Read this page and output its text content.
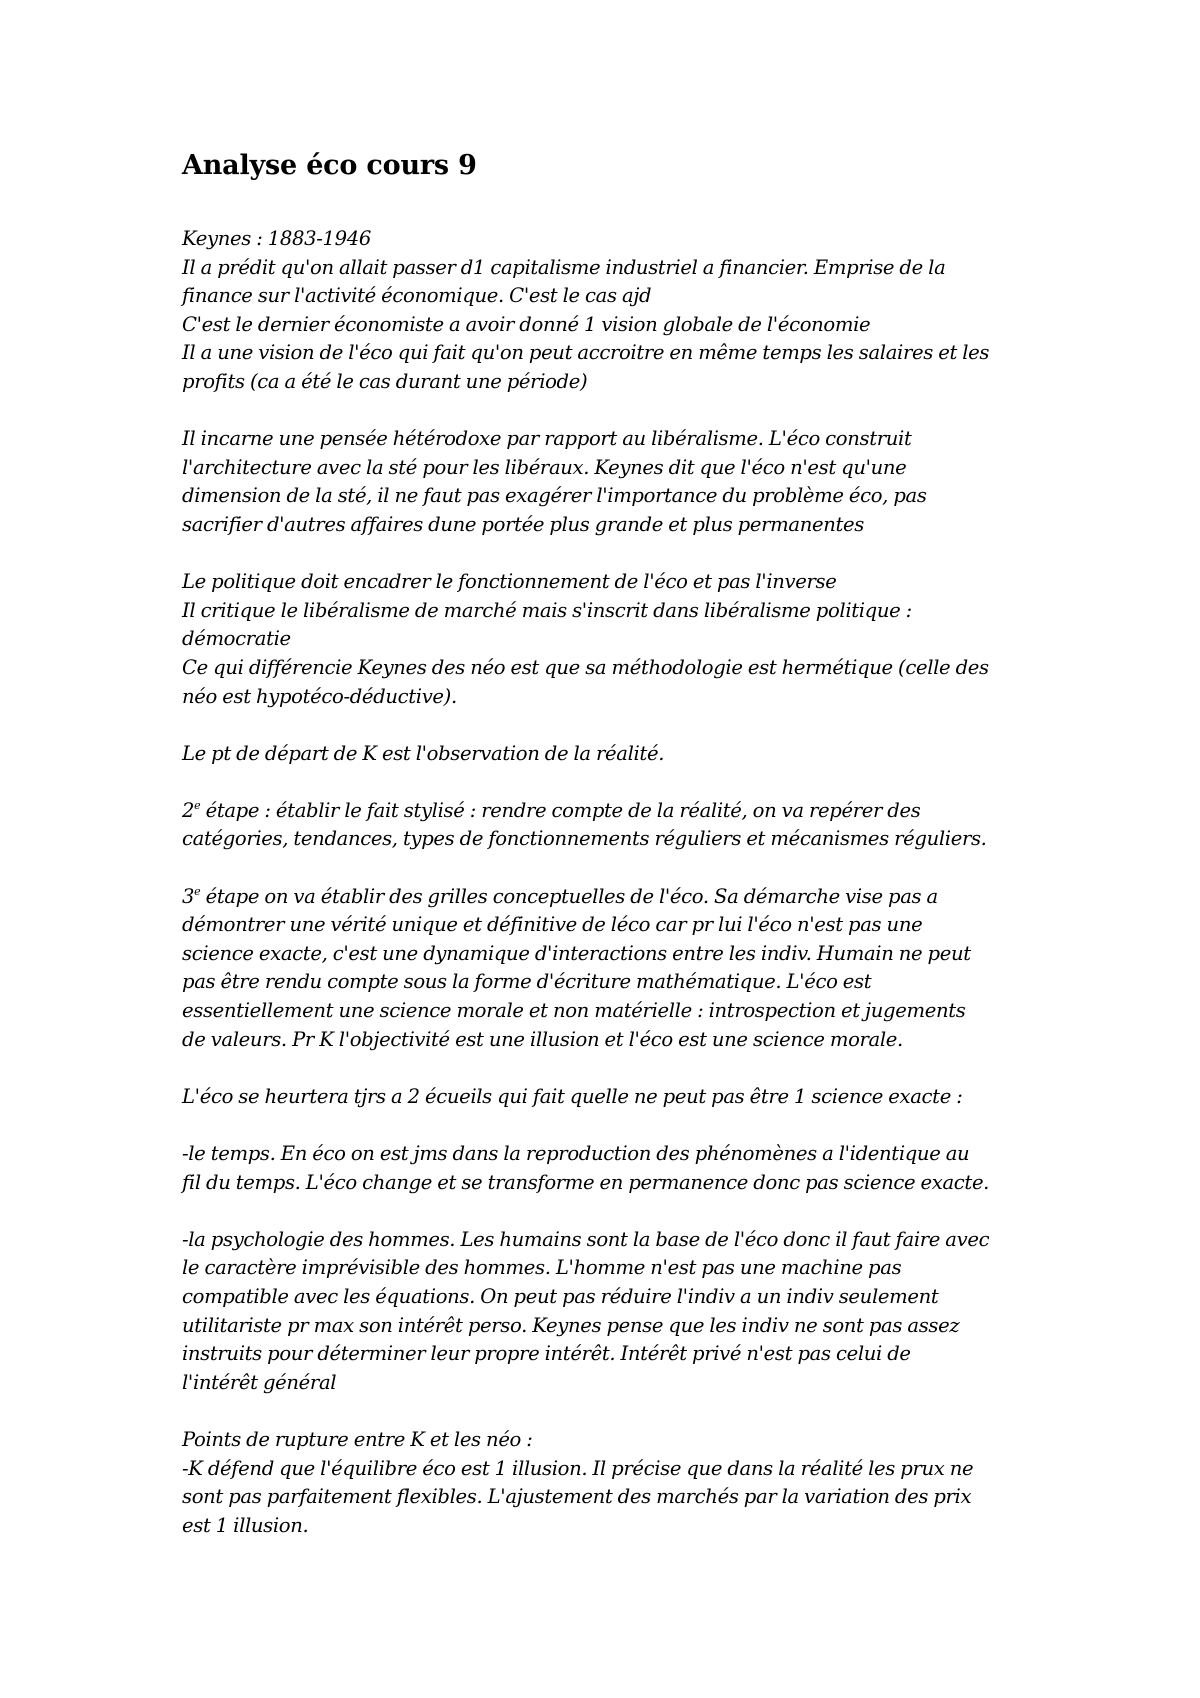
Analyse éco cours 9
Keynes : 1883-1946
Il a prédit qu'on allait passer d1 capitalisme industriel a financier. Emprise de la
finance sur l'activité économique. C'est le cas ajd
C'est le dernier économiste a avoir donné 1 vision globale de l'économie
Il a une vision de l'éco qui fait qu'on peut accroitre en même temps les salaires et les
profits (ca a été le cas durant une période)
Il incarne une pensée hétérodoxe par rapport au libéralisme. L'éco construit
l'architecture avec la sté pour les libéraux. Keynes dit que l'éco n'est qu'une
dimension de la sté, il ne faut pas exagérer l'importance du problème éco, pas
sacrifier d'autres affaires dune portée plus grande et plus permanentes
Le politique doit encadrer le fonctionnement de l'éco et pas l'inverse
Il critique le libéralisme de marché mais s'inscrit dans libéralisme politique :
démocratie
Ce qui différencie Keynes des néo est que sa méthodologie est hermétique (celle des
néo est hypotéco-déductive).
Le pt de départ de K est l'observation de la réalité.
2e étape : établir le fait stylisé : rendre compte de la réalité, on va repérer des
catégories, tendances, types de fonctionnements réguliers et mécanismes réguliers.
3e étape on va établir des grilles conceptuelles de l'éco. Sa démarche vise pas a
démontrer une vérité unique et définitive de léco car pr lui l'éco n'est pas une
science exacte, c'est une dynamique d'interactions entre les indiv. Humain ne peut
pas être rendu compte sous la forme d'écriture mathématique. L'éco est
essentiellement une science morale et non matérielle : introspection et jugements
de valeurs. Pr K l'objectivité est une illusion et l'éco est une science morale.
L'éco se heurtera tjrs a 2 écueils qui fait quelle ne peut pas être 1 science exacte :
-le temps. En éco on est jms dans la reproduction des phénomènes a l'identique au
fil du temps. L'éco change et se transforme en permanence donc pas science exacte.
-la psychologie des hommes. Les humains sont la base de l'éco donc il faut faire avec
le caractère imprévisible des hommes. L'homme n'est pas une machine pas
compatible avec les équations. On peut pas réduire l'indiv a un indiv seulement
utilitariste pr max son intérêt perso. Keynes pense que les indiv ne sont pas assez
instruits pour déterminer leur propre intérêt. Intérêt privé n'est pas celui de
l'intérêt général
Points de rupture entre K et les néo :
-K défend que l'équilibre éco est 1 illusion. Il précise que dans la réalité les prux ne
sont pas parfaitement flexibles. L'ajustement des marchés par la variation des prix
est 1 illusion.
